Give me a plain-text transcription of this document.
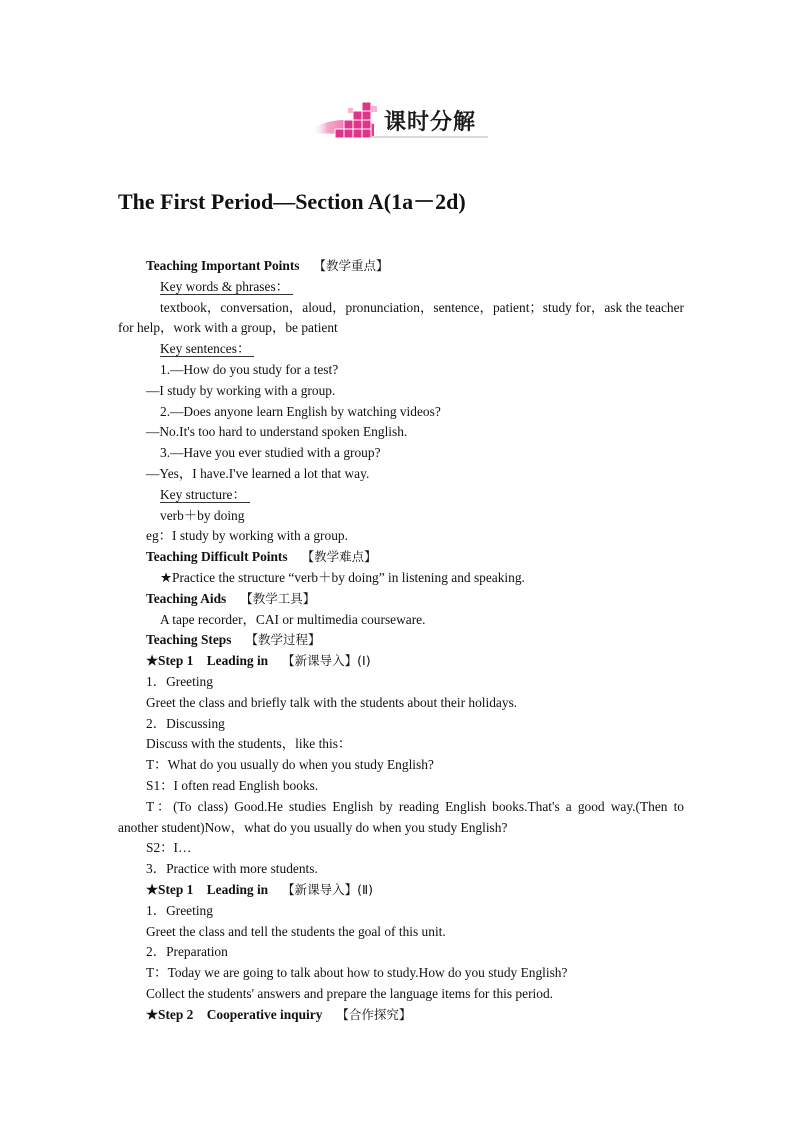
课时分解
The First Period—Section A(1a－2d)
Teaching Important Points 【教学重点】
Key words & phrases：
textbook，conversation，aloud，pronunciation，sentence，patient；study for，ask the teacher for help，work with a group，be patient
Key sentences：
1.—How do you study for a test?
—I study by working with a group.
2.—Does anyone learn English by watching videos?
—No.It's too hard to understand spoken English.
3.—Have you ever studied with a group?
—Yes，I have.I've learned a lot that way.
Key structure：
verb＋by doing
eg：I study by working with a group.
Teaching Difficult Points 【教学难点】
★Practice the structure “verb＋by doing” in listening and speaking.
Teaching Aids 【教学工具】
A tape recorder，CAI or multimedia courseware.
Teaching Steps 【教学过程】
★Step 1　Leading in 【新课导入】(Ⅰ)
1．Greeting
Greet the class and briefly talk with the students about their holidays.
2．Discussing
Discuss with the students，like this：
T：What do you usually do when you study English?
S1：I often read English books.
T：(To class) Good.He studies English by reading English books.That's a good way.(Then to another student)Now，what do you usually do when you study English?
S2：I…
3．Practice with more students.
★Step 1　Leading in 【新课导入】(Ⅱ)
1．Greeting
Greet the class and tell the students the goal of this unit.
2．Preparation
T：Today we are going to talk about how to study.How do you study English?
Collect the students' answers and prepare the language items for this period.
★Step 2　Cooperative inquiry 【合作探究】
